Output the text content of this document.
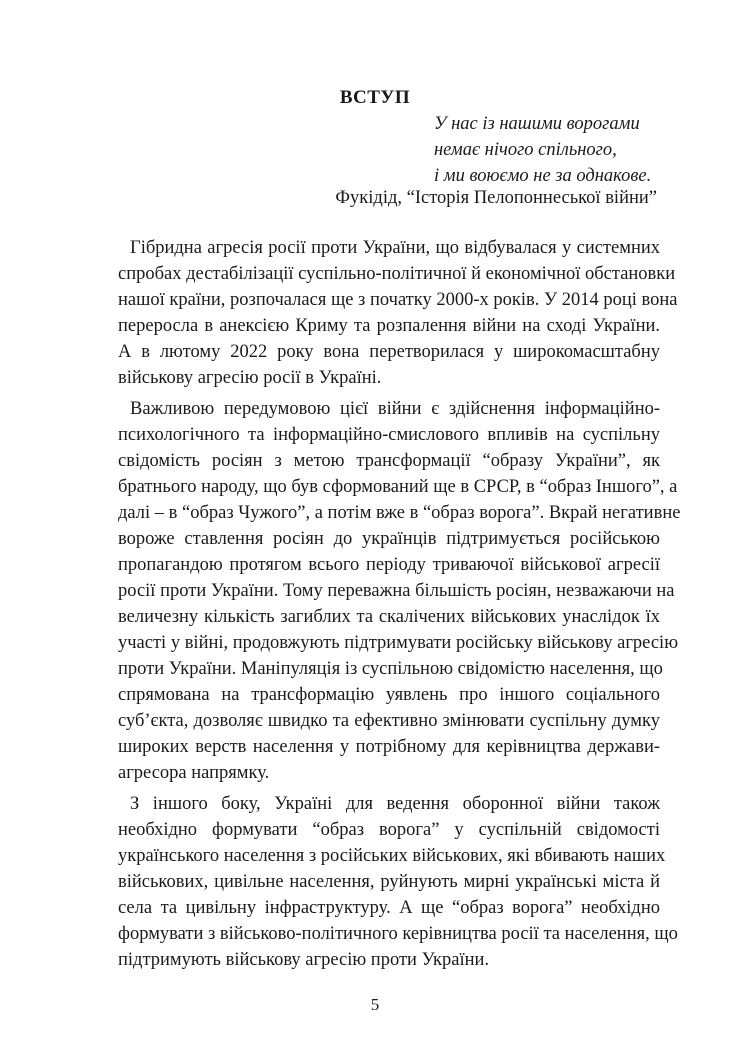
ВСТУП
У нас із нашими ворогами
немає нічого спільного,
і ми воюємо не за однакове.

Фукідід, “Історія Пелопоннеської війни”

Гібридна агресія росії проти України, що відбувалася у системних
спробах дестабілізації суспільно-політичної й економічної обстановки
нашої країни, розпочалася ще з початку 2000-х років. У 2014 році вона
переросла в анексією Криму та розпалення війни на сході України.
А в лютому 2022 року вона перетворилася у широкомасштабну
військову агресію росії в Україні.
Важливою передумовою цієї війни є здійснення інформаційно-
психологічного та інформаційно-смислового впливів на суспільну
свідомість росіян з метою трансформації “образу України”, як
братнього народу, що був сформований ще в СРСР, в “образ Іншого”, а
далі – в “образ Чужого”, а потім вже в “образ ворога”. Вкрай негативне
вороже ставлення росіян до українців підтримується російською
пропагандою протягом всього періоду триваючої військової агресії
росії проти України. Тому переважна більшість росіян, незважаючи на
величезну кількість загиблих та скалічених військових унаслідок їх
участі у війні, продовжують підтримувати російську військову агресію
проти України. Маніпуляція із суспільною свідомістю населення, що
спрямована на трансформацію уявлень про іншого соціального
суб’єкта, дозволяє швидко та ефективно змінювати суспільну думку
широких верств населення у потрібному для керівництва держави-
агресора напрямку.
З іншого боку, Україні для ведення оборонної війни також
необхідно формувати “образ ворога” у суспільній свідомості
українського населення з російських військових, які вбивають наших
військових, цивільне населення, руйнують мирні українські міста й
села та цивільну інфраструктуру. А ще “образ ворога” необхідно
формувати з військово-політичного керівництва росії та населення, що
підтримують військову агресію проти України.

5
